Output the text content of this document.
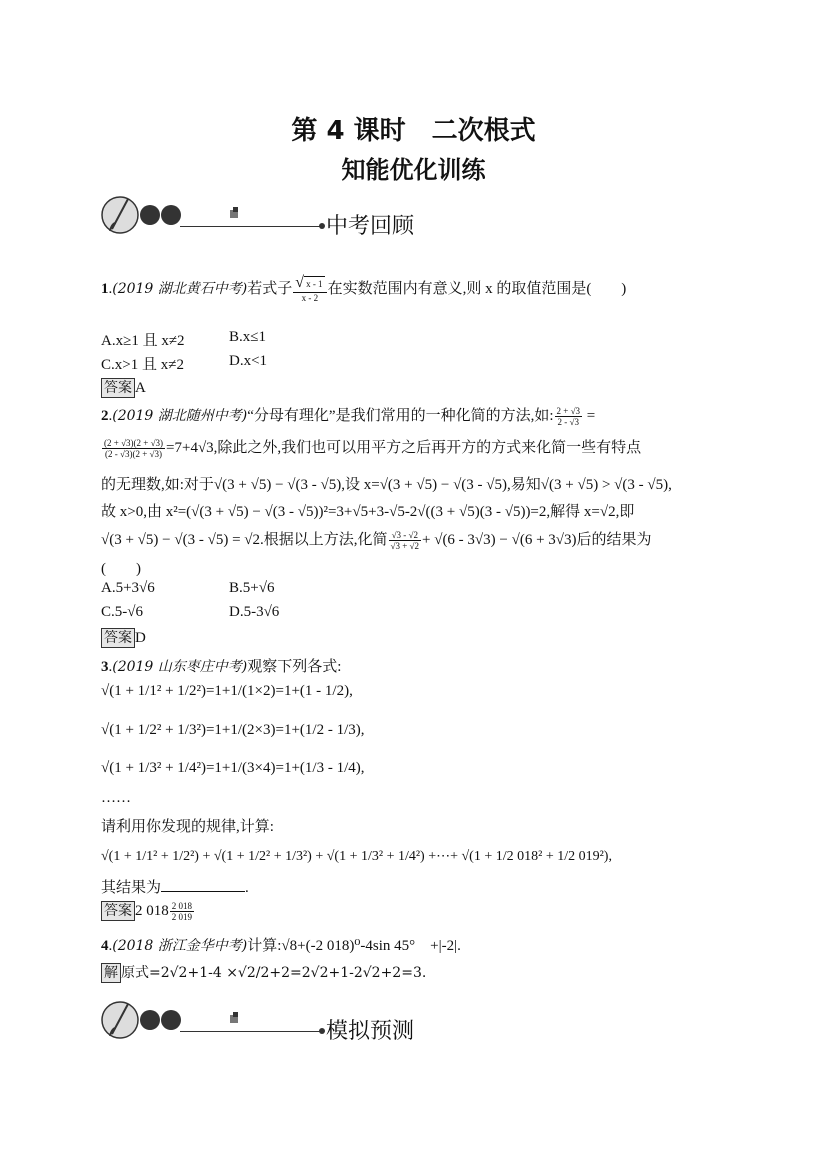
第 4 课时　二次根式
知能优化训练
中考回顾
1.(2019 湖北黄石中考)若式子 $\frac{√ x - 1}{x - 2}$ 在实数范围内有意义,则 x 的取值范围是(　　)
A.x≥1 且 x≠2	B.x≤1
C.x>1 且 x≠2	D.x<1
答案 A
2.(2019 湖北随州中考)“分母有理化”是我们常用的一种化简的方法,如: $\frac{2 + √3}{2 - √3}$ =
$\frac{(2 + √3)(2 + √3)}{(2 - √3)(2 + √3)} =7+4√3$,除此之外,我们也可以用平方之后再开方的方式来化简一些有特点
的无理数,如:对于√(3 + √5) − √(3 - √5),设 x=√(3 + √5) − √(3 - √5),易知√(3 + √5) > √(3 - √5),
故 x>0,由 x²=(√(3 + √5) − √(3 - √5))²=3+√5+3-√5-2√((3 + √5)(3 - √5))=2,解得 x=√2,即
√(3 + √5) − √(3 - √5) = √2.根据以上方法,化简 $\frac{√3 - √2}{√3 + √2} + √(6 - 3√3) - √(6 + 3√3)$后的结果为
(　　)
A.5+3√6	B.5+√6
C.5-√6	D.5-3√6
答案 D
3.(2019 山东枣庄中考)观察下列各式:
√(1 + 1/1² + 1/2²)=1+1/(1×2)=1+(1 - 1/2),
√(1 + 1/2² + 1/3²)=1+1/(2×3)=1+(1/2 - 1/3),
√(1 + 1/3² + 1/4²)=1+1/(3×4)=1+(1/3 - 1/4),
……
请利用你发现的规律,计算:
√(1 + 1/1² + 1/2²) + √(1 + 1/2² + 1/3²) + √(1 + 1/3² + 1/4²) +⋯+ √(1 + 1/2 018² + 1/2 019²),
其结果为	.
答案 2 $018 \frac{2 018}{2 019}$
4.(2018 浙江金华中考)计算:√8+(-2 018)⁰-4sin 45°　+|-2|.
解 原式=2√2+1-4 ×√2/2+2=2√2+1-2√2+2=3.
模拟预测
